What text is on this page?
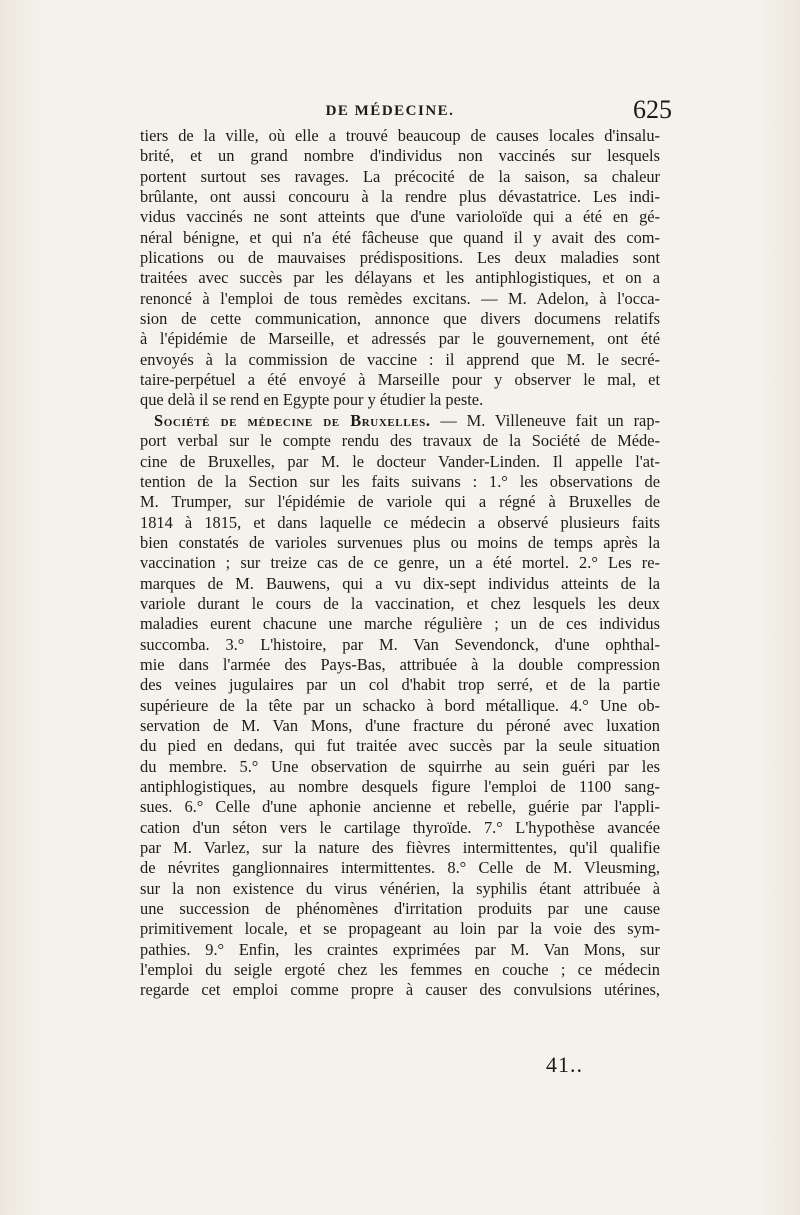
DE MÉDECINE.	625
tiers de la ville, où elle a trouvé beaucoup de causes locales d'insalu-
brité, et un grand nombre d'individus non vaccinés sur lesquels
portent surtout ses ravages. La précocité de la saison, sa chaleur
brûlante, ont aussi concouru à la rendre plus dévastatrice. Les indi-
vidus vaccinés ne sont atteints que d'une varioloïde qui a été en gé-
néral bénigne, et qui n'a été fâcheuse que quand il y avait des com-
plications ou de mauvaises prédispositions. Les deux maladies sont
traitées avec succès par les délayans et les antiphlogistiques, et on a
renoncé à l'emploi de tous remèdes excitans. — M. Adelon, à l'occa-
sion de cette communication, annonce que divers documens relatifs
à l'épidémie de Marseille, et adressés par le gouvernement, ont été
envoyés à la commission de vaccine : il apprend que M. le secré-
taire-perpétuel a été envoyé à Marseille pour y observer le mal, et
que delà il se rend en Egypte pour y étudier la peste.
Société de médecine de Bruxelles. — M. Villeneuve fait un rap-
port verbal sur le compte rendu des travaux de la Société de Méde-
cine de Bruxelles, par M. le docteur Vander-Linden. Il appelle l'at-
tention de la Section sur les faits suivans : 1.° les observations de
M. Trumper, sur l'épidémie de variole qui a régné à Bruxelles de
1814 à 1815, et dans laquelle ce médecin a observé plusieurs faits
bien constatés de varioles survenues plus ou moins de temps après la
vaccination ; sur treize cas de ce genre, un a été mortel. 2.° Les re-
marques de M. Bauwens, qui a vu dix-sept individus atteints de la
variole durant le cours de la vaccination, et chez lesquels les deux
maladies eurent chacune une marche régulière ; un de ces individus
succomba. 3.° L'histoire, par M. Van Sevendonck, d'une ophthal-
mie dans l'armée des Pays-Bas, attribuée à la double compression
des veines jugulaires par un col d'habit trop serré, et de la partie
supérieure de la tête par un schacko à bord métallique. 4.° Une ob-
servation de M. Van Mons, d'une fracture du péroné avec luxation
du pied en dedans, qui fut traitée avec succès par la seule situation
du membre. 5.° Une observation de squirrhe au sein guéri par les
antiphlogistiques, au nombre desquels figure l'emploi de 1100 sang-
sues. 6.° Celle d'une aphonie ancienne et rebelle, guérie par l'appli-
cation d'un séton vers le cartilage thyroïde. 7.° L'hypothèse avancée
par M. Varlez, sur la nature des fièvres intermittentes, qu'il qualifie
de névrites ganglionnaires intermittentes. 8.° Celle de M. Vleusming,
sur la non existence du virus vénérien, la syphilis étant attribuée à
une succession de phénomènes d'irritation produits par une cause
primitivement locale, et se propageant au loin par la voie des sym-
pathies. 9.° Enfin, les craintes exprimées par M. Van Mons, sur
l'emploi du seigle ergoté chez les femmes en couche ; ce médecin
regarde cet emploi comme propre à causer des convulsions utérines,
41..
